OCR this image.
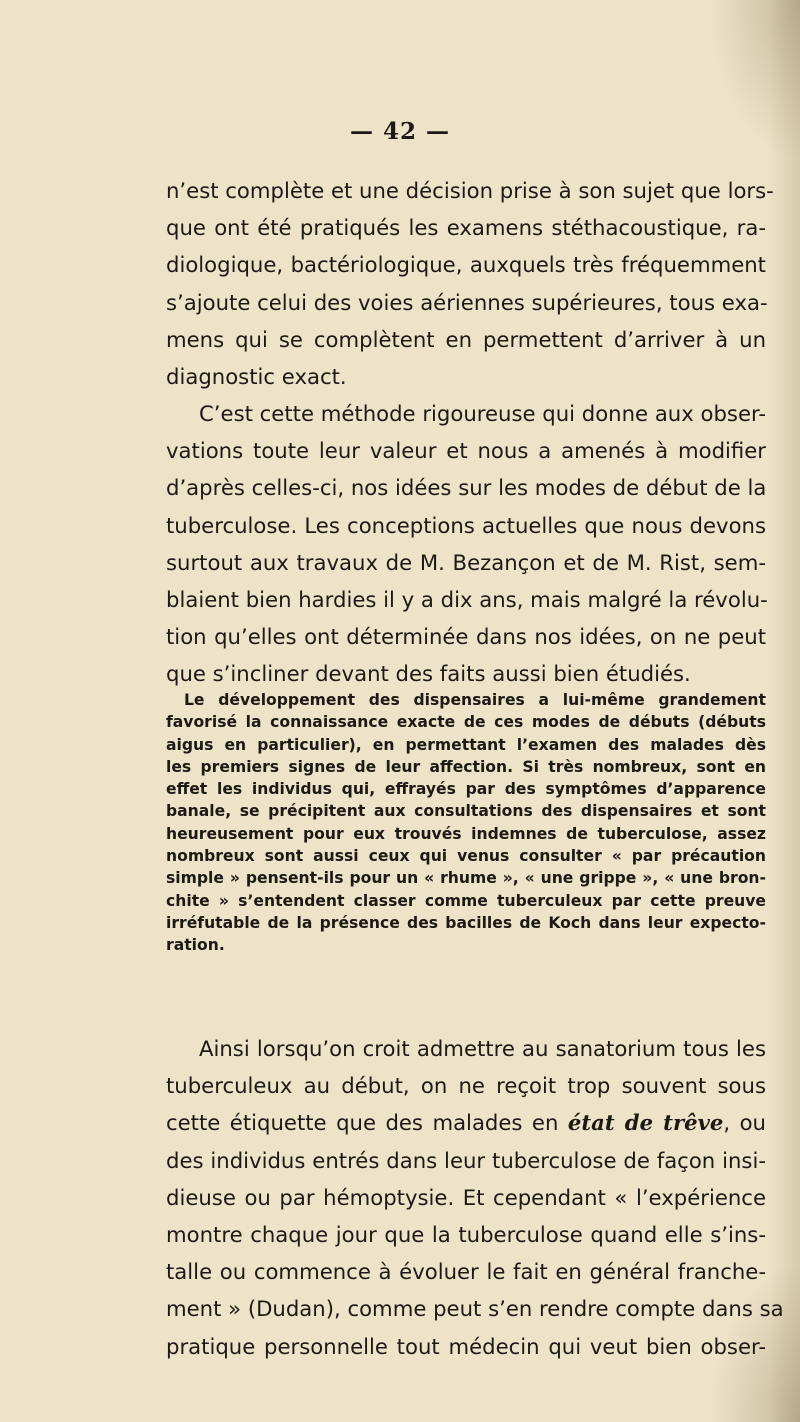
— 42 —

n’est complète et une décision prise à son sujet que lors-
que ont été pratiqués les examens stéthacoustique, ra-
diologique, bactériologique, auxquels très fréquemment
s’ajoute celui des voies aériennes supérieures, tous exa-
mens qui se complètent en permettent d’arriver à un
diagnostic exact.

C’est cette méthode rigoureuse qui donne aux obser-
vations toute leur valeur et nous a amenés à modifier
d’après celles-ci, nos idées sur les modes de début de la
tuberculose. Les conceptions actuelles que nous devons
surtout aux travaux de M. Bezançon et de M. Rist, sem-
blaient bien hardies il y a dix ans, mais malgré la révolu-
tion qu’elles ont déterminée dans nos idées, on ne peut
que s’incliner devant des faits aussi bien étudiés.

Le développement des dispensaires a lui-même grandement
favorisé la connaissance exacte de ces modes de débuts (débuts
aigus en particulier), en permettant l’examen des malades dès
les premiers signes de leur affection. Si très nombreux, sont en
effet les individus qui, effrayés par des symptômes d’apparence
banale, se précipitent aux consultations des dispensaires et sont
heureusement pour eux trouvés indemnes de tuberculose, assez
nombreux sont aussi ceux qui venus consulter « par précaution
simple » pensent-ils pour un « rhume », « une grippe », « une bron-
chite » s’entendent classer comme tuberculeux par cette preuve
irréfutable de la présence des bacilles de Koch dans leur expecto-
ration.

Ainsi lorsqu’on croit admettre au sanatorium tous les
tuberculeux au début, on ne reçoit trop souvent sous
cette étiquette que des malades en état de trêve, ou
des individus entrés dans leur tuberculose de façon insi-
dieuse ou par hémoptysie. Et cependant « l’expérience
montre chaque jour que la tuberculose quand elle s’ins-
talle ou commence à évoluer le fait en général franche-
ment » (Dudan), comme peut s’en rendre compte dans sa
pratique personnelle tout médecin qui veut bien obser-
